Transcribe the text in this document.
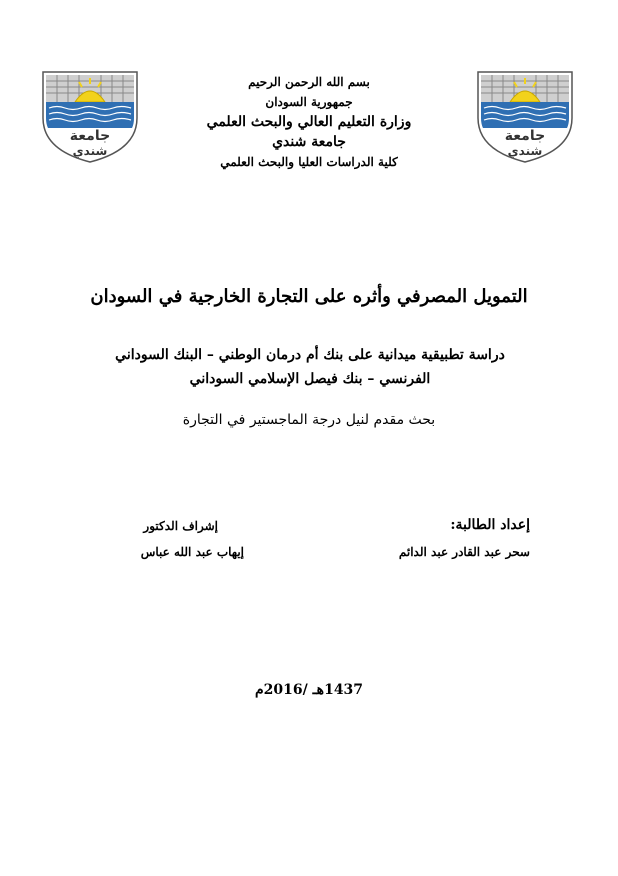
جامعة
شندي
جامعة
شندي
بسم الله الرحمن الرحيم
جمهورية السودان
وزارة التعليم العالي والبحث العلمي
جامعة شندي
كلية الدراسات العليا والبحث العلمي
التمويل المصرفي وأثره على التجارة الخارجية في السودان
دراسة تطبيقية ميدانية على بنك أم درمان الوطني – البنك السوداني
الفرنسي – بنك فيصل الإسلامي السوداني
بحث مقدم لنيل درجة الماجستير في التجارة
إعداد الطالبة:
سحر عبد القادر عبد الدائم
إشراف الدكتور
إيهاب عبد الله عباس
1437هـ /2016م
